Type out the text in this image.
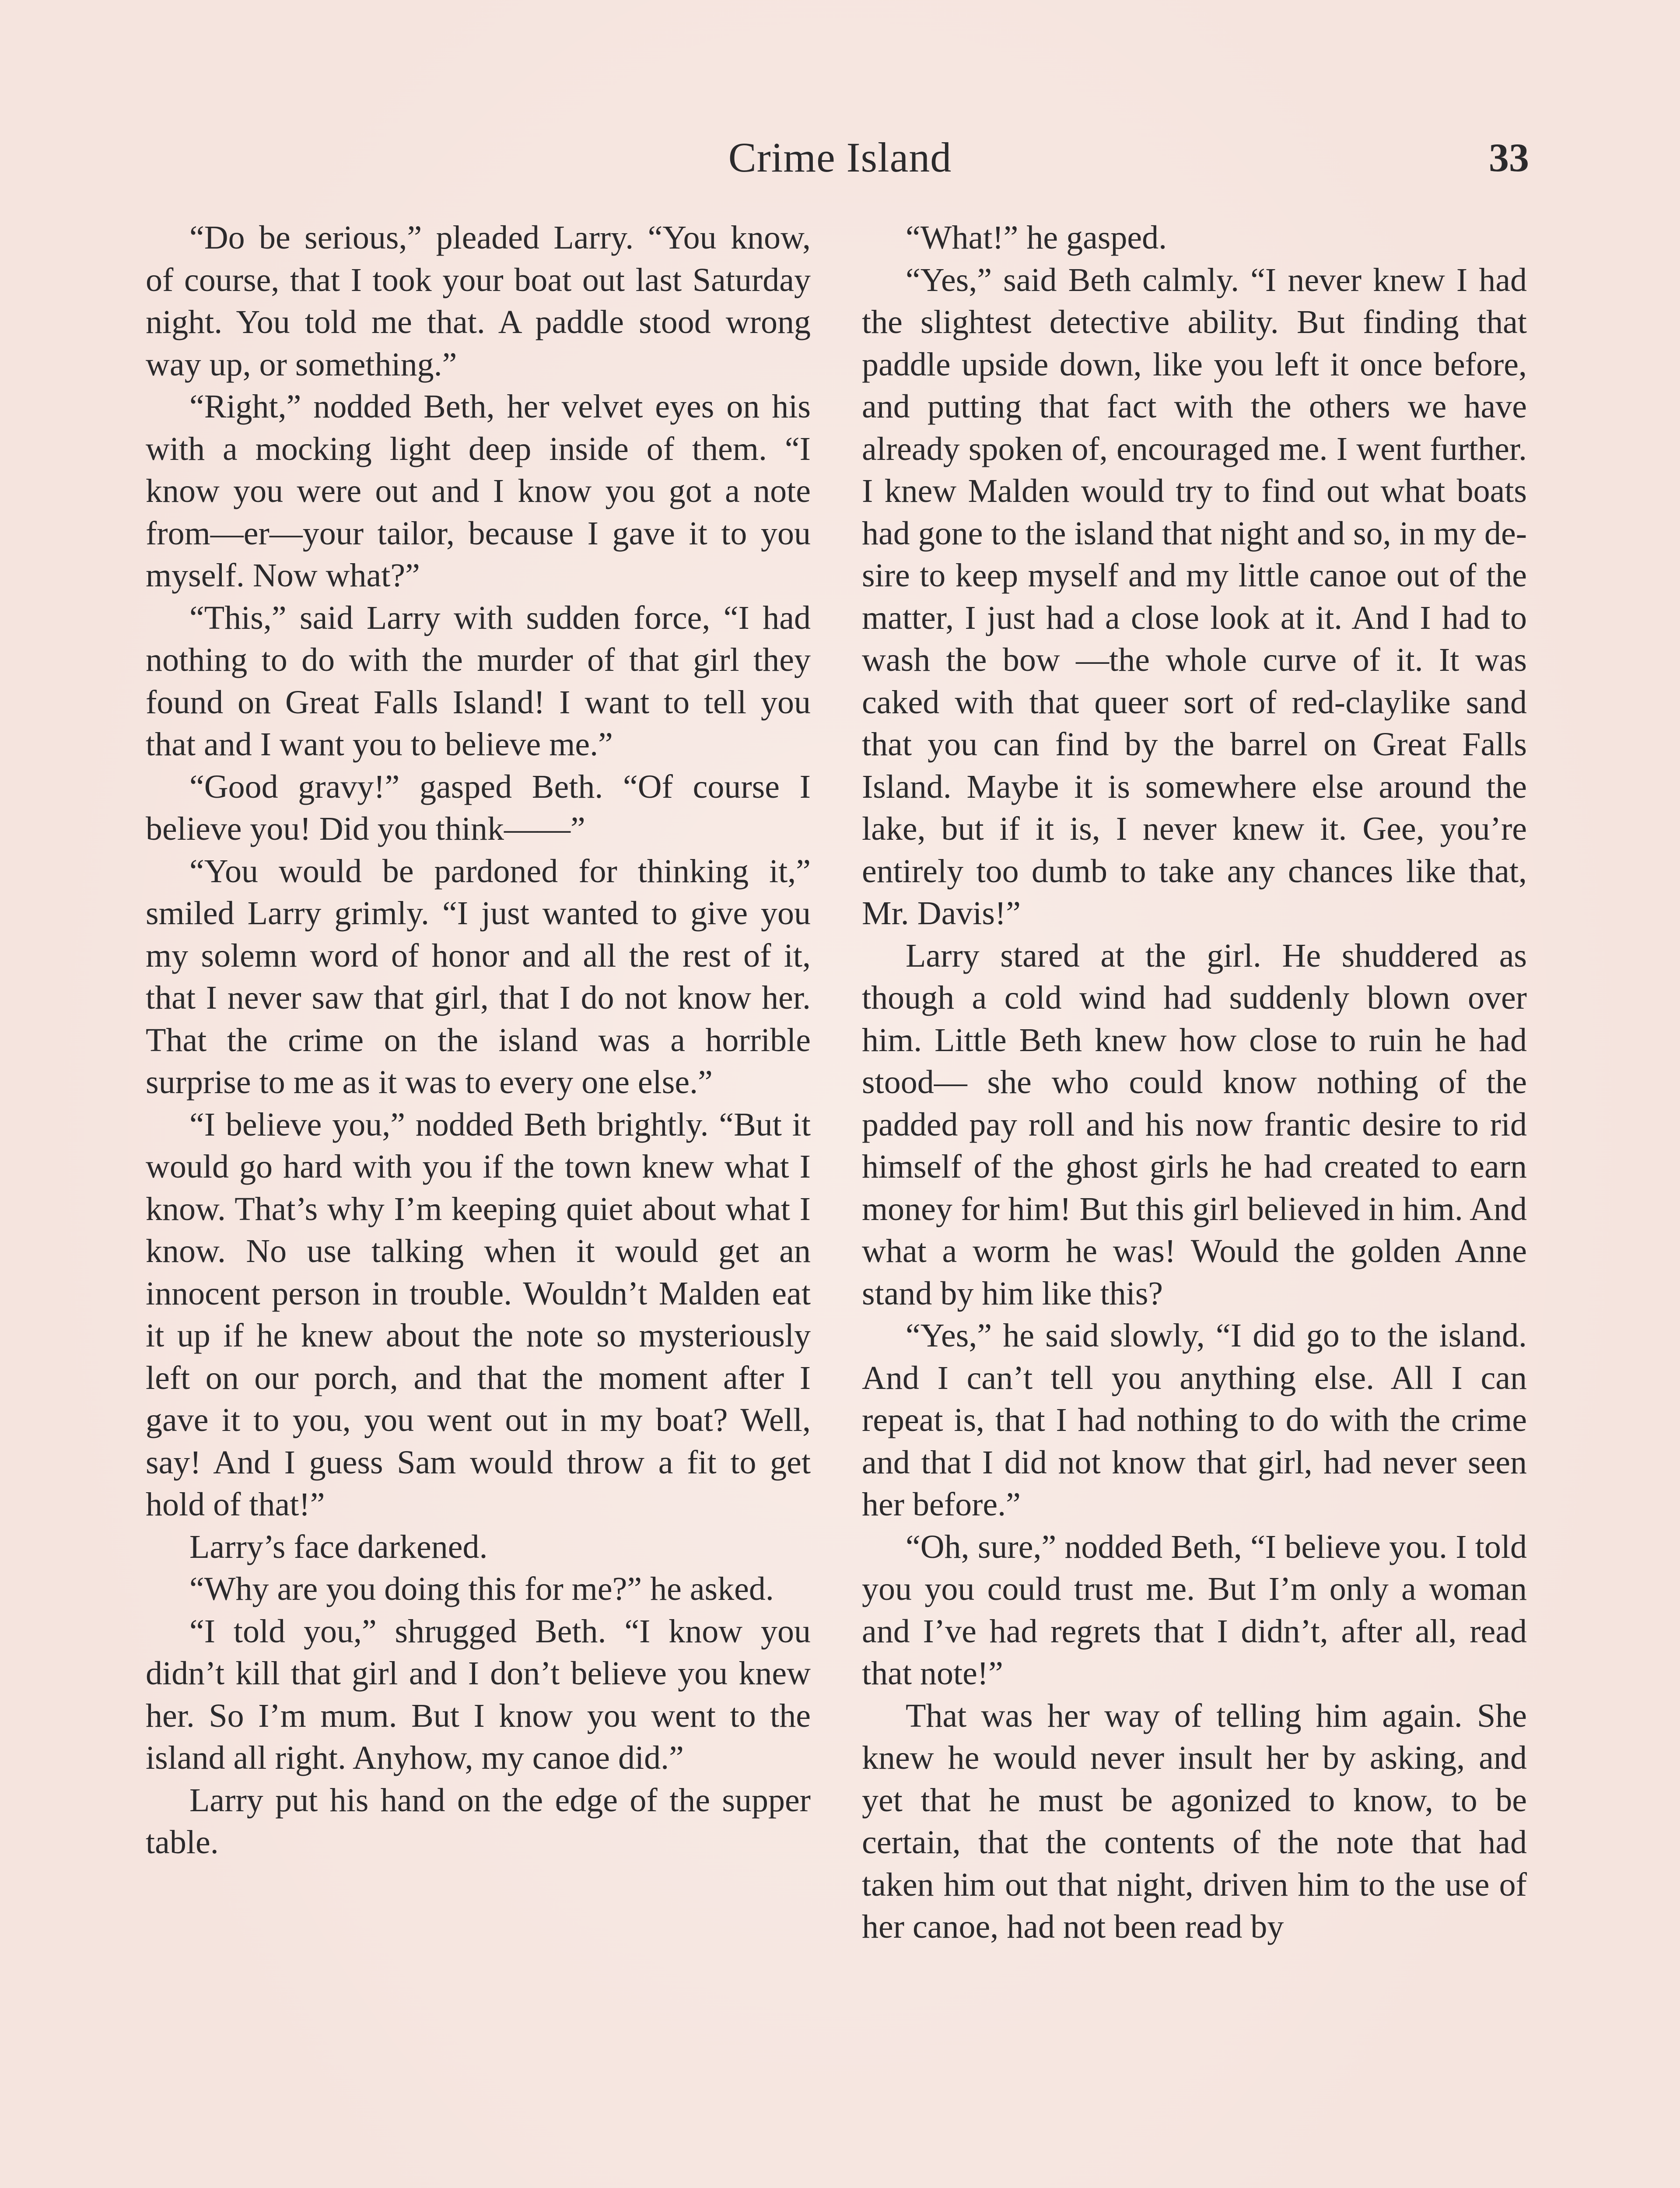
Crime Island	33

“Do be serious,” pleaded Larry. “You know, of course, that I took your boat out last Saturday night. You told me that. A paddle stood wrong way up, or something.”

“Right,” nodded Beth, her velvet eyes on his with a mocking light deep inside of them. “I know you were out and I know you got a note from—er—your tailor, because I gave it to you myself. Now what?”

“This,” said Larry with sudden force, “I had nothing to do with the murder of that girl they found on Great Falls Island! I want to tell you that and I want you to believe me.”

“Good gravy!” gasped Beth. “Of course I believe you! Did you think——”

“You would be pardoned for thinking it,” smiled Larry grimly. “I just wanted to give you my solemn word of honor and all the rest of it, that I never saw that girl, that I do not know her. That the crime on the island was a horrible surprise to me as it was to every one else.”

“I believe you,” nodded Beth brightly. “But it would go hard with you if the town knew what I know. That’s why I’m keeping quiet about what I know. No use talking when it would get an innocent person in trouble. Wouldn’t Malden eat it up if he knew about the note so mysteriously left on our porch, and that the moment after I gave it to you, you went out in my boat? Well, say! And I guess Sam would throw a fit to get hold of that!”

Larry’s face darkened.

“Why are you doing this for me?” he asked.

“I told you,” shrugged Beth. “I know you didn’t kill that girl and I don’t believe you knew her. So I’m mum. But I know you went to the island all right. Anyhow, my canoe did.”

Larry put his hand on the edge of the supper table.

“What!” he gasped.

“Yes,” said Beth calmly. “I never knew I had the slightest detective ability. But finding that paddle upside down, like you left it once before, and putting that fact with the others we have already spoken of, encouraged me. I went further. I knew Malden would try to find out what boats had gone to the island that night and so, in my desire to keep myself and my little canoe out of the matter, I just had a close look at it. And I had to wash the bow —the whole curve of it. It was caked with that queer sort of red-claylike sand that you can find by the barrel on Great Falls Island. Maybe it is somewhere else around the lake, but if it is, I never knew it. Gee, you’re entirely too dumb to take any chances like that, Mr. Davis!”

Larry stared at the girl. He shuddered as though a cold wind had suddenly blown over him. Little Beth knew how close to ruin he had stood— she who could know nothing of the padded pay roll and his now frantic desire to rid himself of the ghost girls he had created to earn money for him! But this girl believed in him. And what a worm he was! Would the golden Anne stand by him like this?

“Yes,” he said slowly, “I did go to the island. And I can’t tell you anything else. All I can repeat is, that I had nothing to do with the crime and that I did not know that girl, had never seen her before.”

“Oh, sure,” nodded Beth, “I believe you. I told you you could trust me. But I’m only a woman and I’ve had regrets that I didn’t, after all, read that note!”

That was her way of telling him again. She knew he would never insult her by asking, and yet that he must be agonized to know, to be certain, that the contents of the note that had taken him out that night, driven him to the use of her canoe, had not been read by
